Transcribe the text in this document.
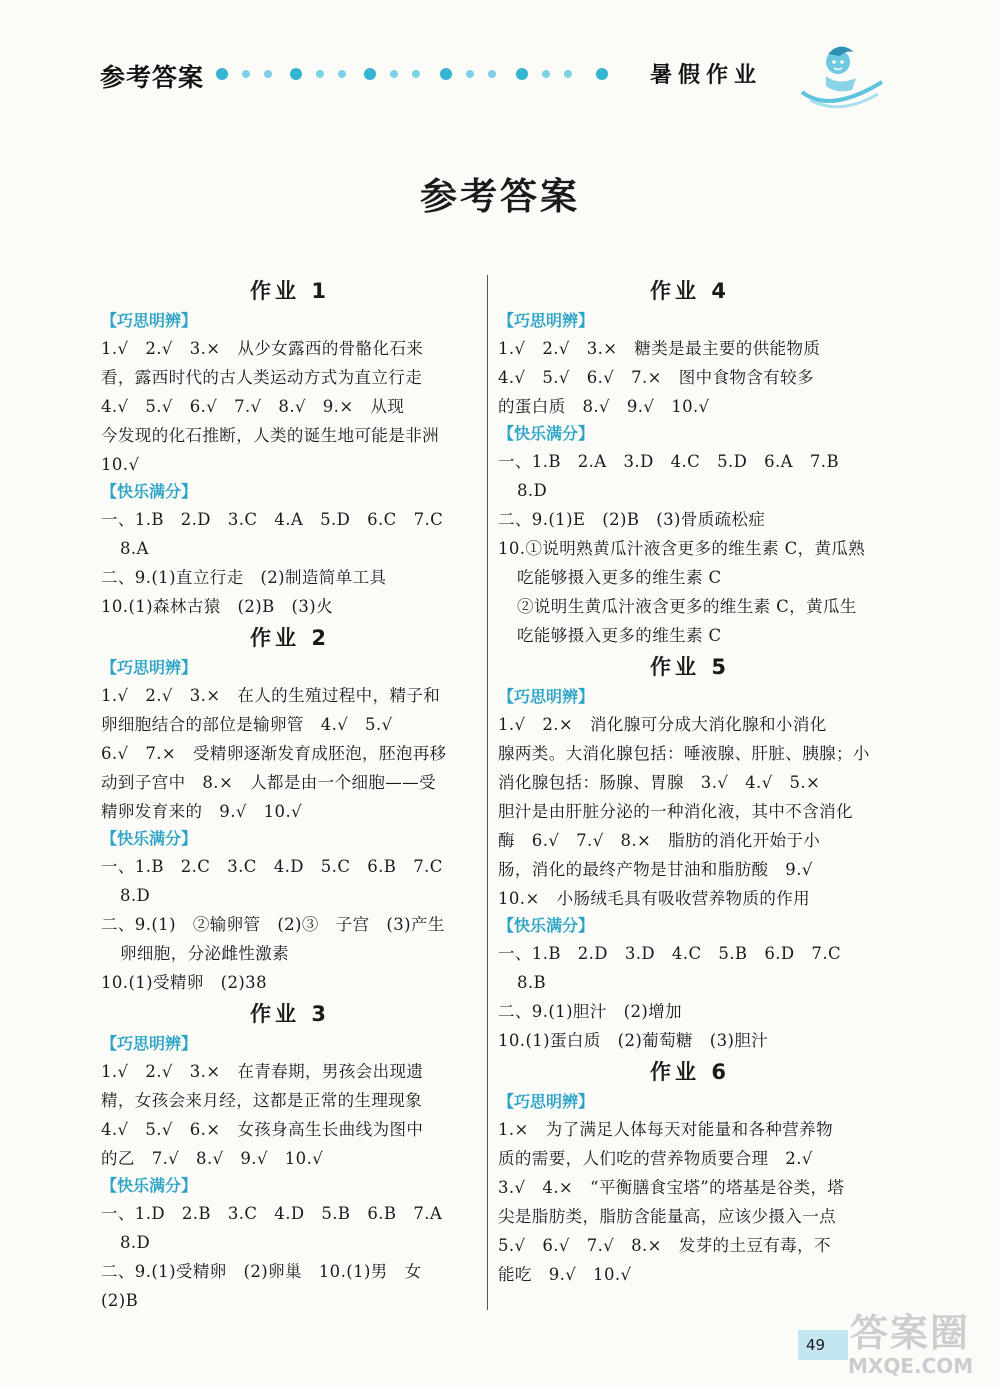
参考答案	暑假作业
参考答案
作业 1
【巧思明辨】
1.√　2.√　3.×　从少女露西的骨骼化石来
看，露西时代的古人类运动方式为直立行走
4.√　5.√　6.√　7.√　8.√　9.×　从现
今发现的化石推断，人类的诞生地可能是非洲
10.√
【快乐满分】
一、1.B　2.D　3.C　4.A　5.D　6.C　7.C
8.A
二、9.(1)直立行走　(2)制造简单工具
10.(1)森林古猿　(2)B　(3)火
作业 2
【巧思明辨】
1.√　2.√　3.×　在人的生殖过程中，精子和
卵细胞结合的部位是输卵管　4.√　5.√
6.√　7.×　受精卵逐渐发育成胚泡，胚泡再移
动到子宫中　8.×　人都是由一个细胞——受
精卵发育来的　9.√　10.√
【快乐满分】
一、1.B　2.C　3.C　4.D　5.C　6.B　7.C
8.D
二、9.(1)　②输卵管　(2)③　子宫　(3)产生
卵细胞，分泌雌性激素
10.(1)受精卵　(2)38
作业 3
【巧思明辨】
1.√　2.√　3.×　在青春期，男孩会出现遗
精，女孩会来月经，这都是正常的生理现象
4.√　5.√　6.×　女孩身高生长曲线为图中
的乙　7.√　8.√　9.√　10.√
【快乐满分】
一、1.D　2.B　3.C　4.D　5.B　6.B　7.A
8.D
二、9.(1)受精卵　(2)卵巢　10.(1)男　女
(2)B
作业 4
【巧思明辨】
1.√　2.√　3.×　糖类是最主要的供能物质
4.√　5.√　6.√　7.×　图中食物含有较多
的蛋白质　8.√　9.√　10.√
【快乐满分】
一、1.B　2.A　3.D　4.C　5.D　6.A　7.B
8.D
二、9.(1)E　(2)B　(3)骨质疏松症
10.①说明熟黄瓜汁液含更多的维生素 C，黄瓜熟
吃能够摄入更多的维生素 C
②说明生黄瓜汁液含更多的维生素 C，黄瓜生
吃能够摄入更多的维生素 C
作业 5
【巧思明辨】
1.√　2.×　消化腺可分成大消化腺和小消化
腺两类。大消化腺包括：唾液腺、肝脏、胰腺；小
消化腺包括：肠腺、胃腺　3.√　4.√　5.×
胆汁是由肝脏分泌的一种消化液，其中不含消化
酶　6.√　7.√　8.×　脂肪的消化开始于小
肠，消化的最终产物是甘油和脂肪酸　9.√
10.×　小肠绒毛具有吸收营养物质的作用
【快乐满分】
一、1.B　2.D　3.D　4.C　5.B　6.D　7.C
8.B
二、9.(1)胆汁　(2)增加
10.(1)蛋白质　(2)葡萄糖　(3)胆汁
作业 6
【巧思明辨】
1.×　为了满足人体每天对能量和各种营养物
质的需要，人们吃的营养物质要合理　2.√
3.√　4.×　“平衡膳食宝塔”的塔基是谷类，塔
尖是脂肪类，脂肪含能量高，应该少摄入一点
5.√　6.√　7.√　8.×　发芽的土豆有毒，不
能吃　9.√　10.√
49 答案圈
MXQE.COM
